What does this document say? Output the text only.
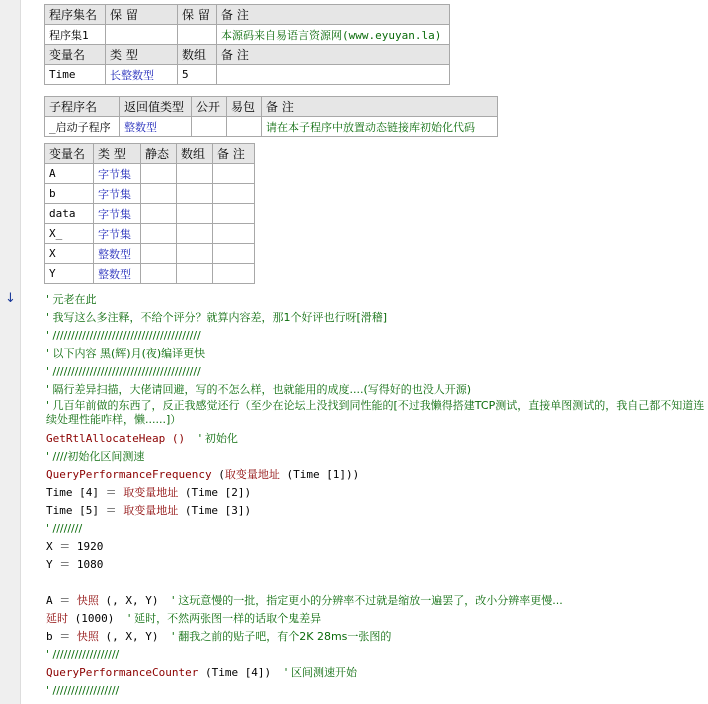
↓
程序集名	保 留	保 留	备 注
程序集1			本源码来自易语言资源网(www.eyuyan.la)
变量名	类 型	数组	备 注
Time	长整数型	5	
子程序名	返回值类型	公开	易包	备 注
_启动子程序	整数型			请在本子程序中放置动态链接库初始化代码
变量名	类 型	静态	数组	备 注
A	字节集			
b	字节集			
data	字节集			
X_	字节集			
X	整数型			
Y	整数型			
' 元老在此
' 我写这么多注释，不给个评分？就算内容差，那1个好评也行呀[滑稽]
' ////////////////////////////////////////
' 以下内容 黑(辉)月(夜)编译更快
' ////////////////////////////////////////
' 隔行差异扫描，大佬请回避，写的不怎么样，也就能用的成度....(写得好的也没人开源)
' 几百年前做的东西了，反正我感觉还行（至少在论坛上没找到同性能的[不过我懒得搭建TCP测试，直接单图测试的，我自己都不知道连续处理性能咋样，懒......]）
GetRtlAllocateHeap () ' 初始化
' ////初始化区间测速
QueryPerformanceFrequency (取变量地址 (Time [1]))
Time [4] ＝ 取变量地址 (Time [2])
Time [5] ＝ 取变量地址 (Time [3])
' ////////
X ＝ 1920
Y ＝ 1080
A ＝ 快照 (, X, Y) ' 这玩意慢的一批，指定更小的分辨率不过就是缩放一遍罢了，改小分辨率更慢...
延时 (1000) ' 延时，不然两张图一样的话取个鬼差异
b ＝ 快照 (, X, Y) ' 翻我之前的贴子吧，有个2K 28ms一张图的
' //////////////////
QueryPerformanceCounter (Time [4]) ' 区间测速开始
' //////////////////
